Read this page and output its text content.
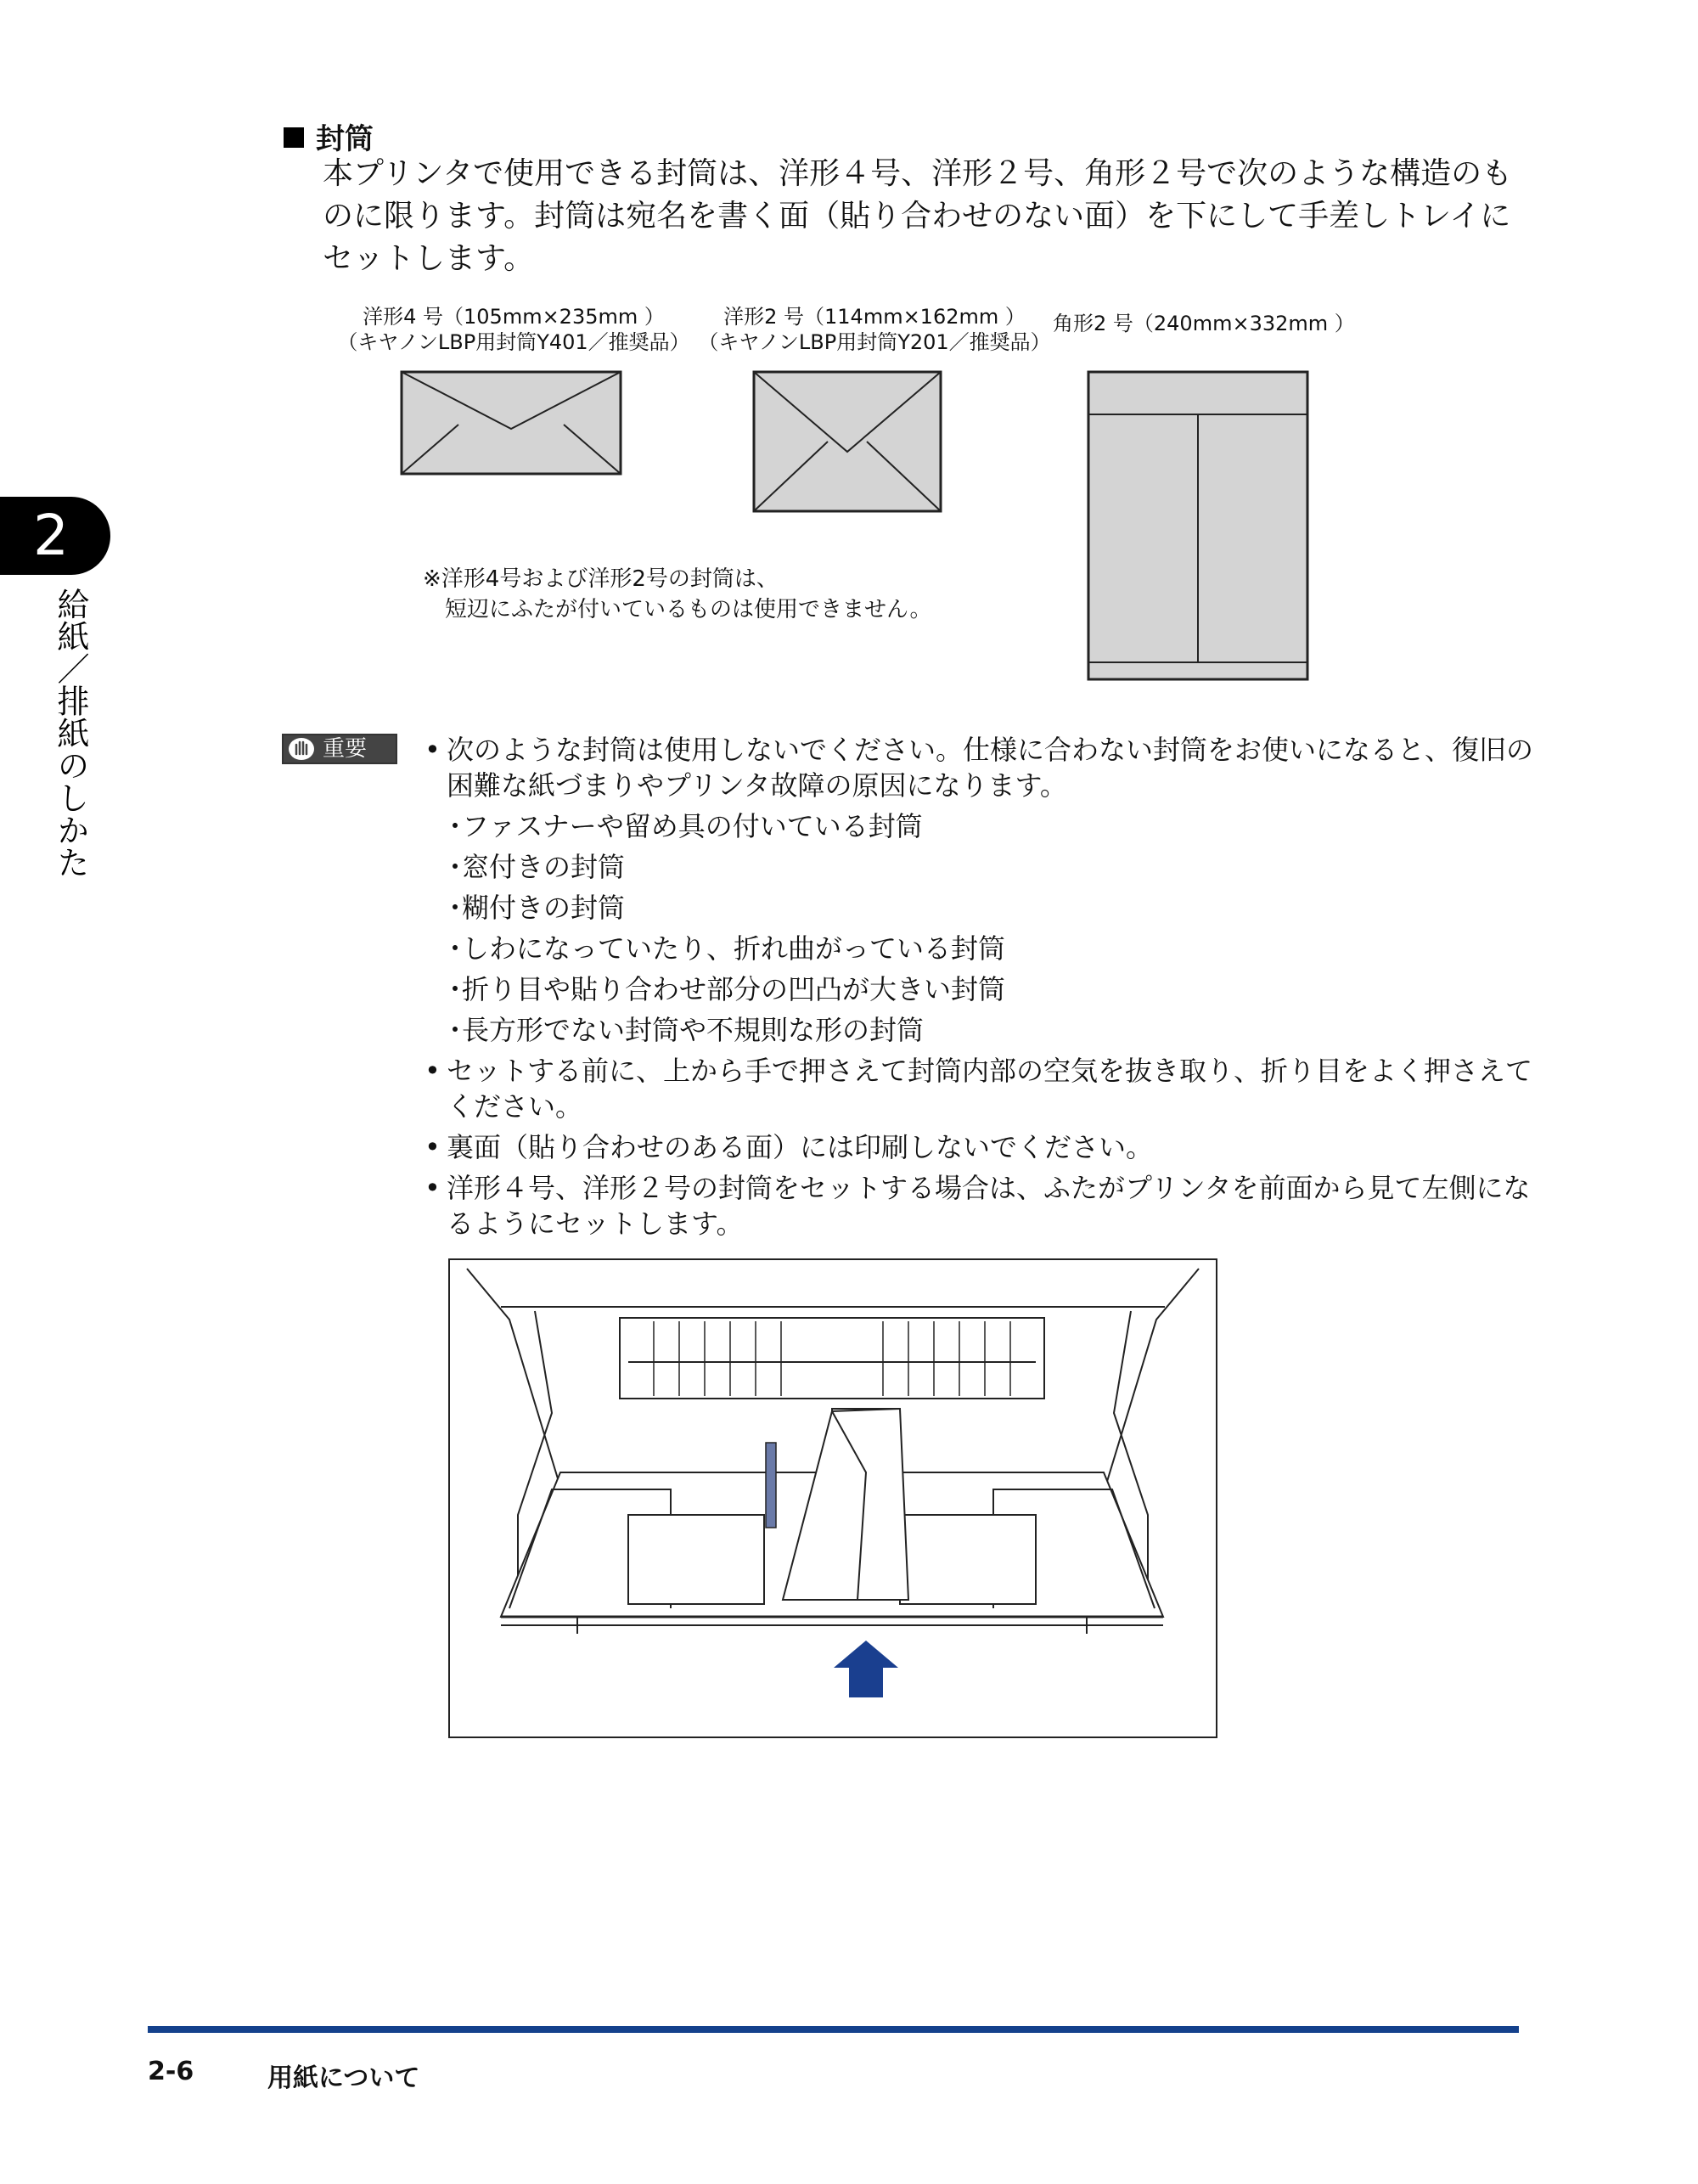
2
給紙／排紙のしかた
封筒
本プリンタで使用できる封筒は、洋形４号、洋形２号、角形２号で次のような構造のものに限ります。封筒は宛名を書く面（貼り合わせのない面）を下にして手差しトレイにセットします。
洋形4 号（105mm×235mm ）
（キヤノンLBP用封筒Y401／推奨品）
洋形2 号（114mm×162mm ）
（キヤノンLBP用封筒Y201／推奨品）
角形2 号（240mm×332mm ）
※洋形4号および洋形2号の封筒は、
短辺にふたが付いているものは使用できません。
重要
•	次のような封筒は使用しないでください。仕様に合わない封筒をお使いになると、復旧の困難な紙づまりやプリンタ故障の原因になります。
･ファスナーや留め具の付いている封筒
･窓付きの封筒
･糊付きの封筒
･しわになっていたり、折れ曲がっている封筒
･折り目や貼り合わせ部分の凹凸が大きい封筒
･長方形でない封筒や不規則な形の封筒
• セットする前に、上から手で押さえて封筒内部の空気を抜き取り、折り目をよく押さえてください。
• 裏面（貼り合わせのある面）には印刷しないでください。
• 洋形４号、洋形２号の封筒をセットする場合は、ふたがプリンタを前面から見て左側になるようにセットします。
2-6	用紙について
